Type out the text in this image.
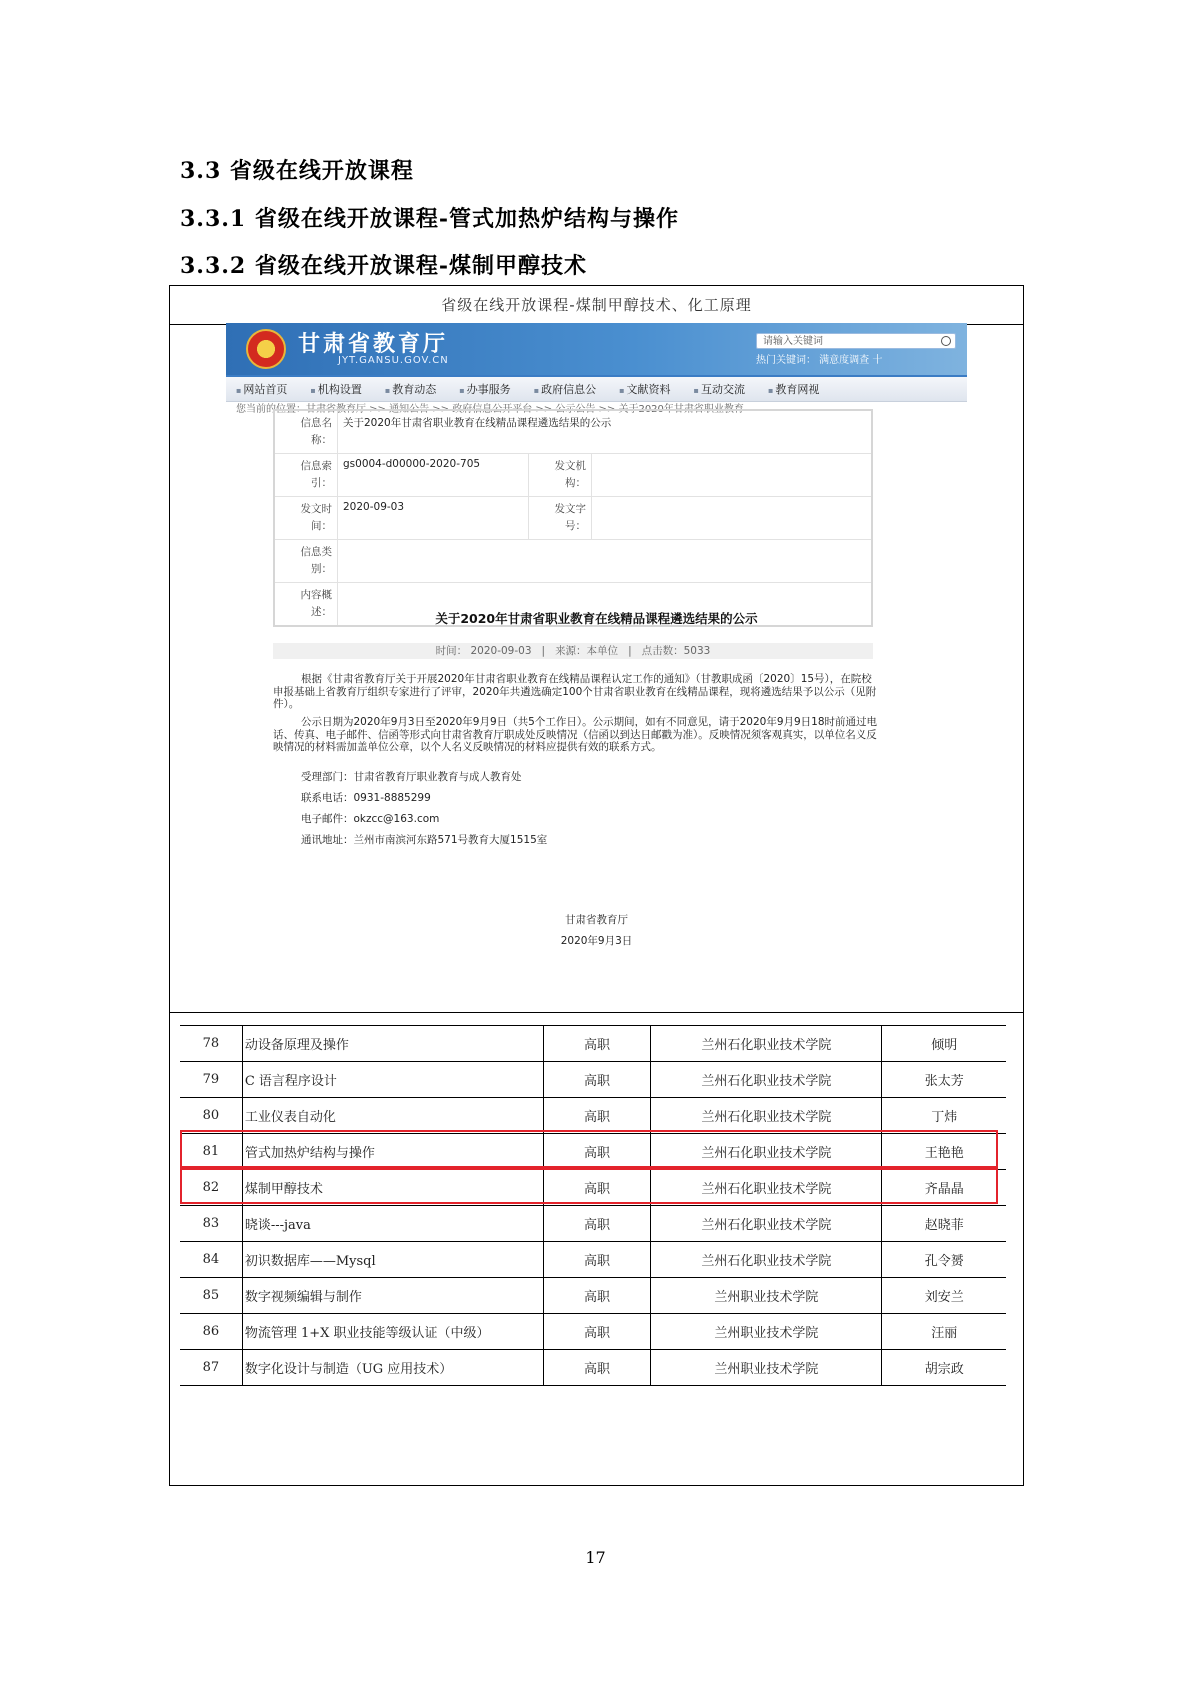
3.3 省级在线开放课程
3.3.1 省级在线开放课程-管式加热炉结构与操作
3.3.2 省级在线开放课程-煤制甲醇技术
省级在线开放课程-煤制甲醇技术、化工原理
甘肃省教育厅
JYT.GANSU.GOV.CN
请输入关键词
热门关键词： 满意度调查 十
▪ 网站首页	▪ 机构设置	▪ 教育动态	▪ 办事服务	▪ 政府信息公	▪ 文献资料	▪ 互动交流	▪ 教育网视
您当前的位置：甘肃省教育厅 >> 通知公告 >> 政府信息公开平台 >> 公示公告 >> 关于2020年甘肃省职业教育
信息名称：	关于2020年甘肃省职业教育在线精品课程遴选结果的公示		
信息索引：	gs0004-d00000-2020-705	发文机构：	
发文时间：	2020-09-03	发文字号：	
信息类别：			
内容概述：				关于2020年甘肃省职业教育在线精品课程遴选结果的公示
时间： 2020-09-03 | 来源：本单位 | 点击数：5033
根据《甘肃省教育厅关于开展2020年甘肃省职业教育在线精品课程认定工作的通知》（甘教职成函〔2020〕15号），在院校申报基础上省教育厅组织专家进行了评审，2020年共遴选确定100个甘肃省职业教育在线精品课程，现将遴选结果予以公示（见附件）。
公示日期为2020年9月3日至2020年9月9日（共5个工作日）。公示期间，如有不同意见，请于2020年9月9日18时前通过电话、传真、电子邮件、信函等形式向甘肃省教育厅职成处反映情况（信函以到达日邮戳为准）。反映情况须客观真实，以单位名义反映情况的材料需加盖单位公章，以个人名义反映情况的材料应提供有效的联系方式。
受理部门：甘肃省教育厅职业教育与成人教育处
联系电话：0931-8885299
电子邮件：okzcc@163.com
通讯地址：兰州市南滨河东路571号教育大厦1515室
甘肃省教育厅
2020年9月3日
78	动设备原理及操作	高职	兰州石化职业技术学院	倾明
79	C 语言程序设计	高职	兰州石化职业技术学院	张太芳
80	工业仪表自动化	高职	兰州石化职业技术学院	丁炜
81	管式加热炉结构与操作	高职	兰州石化职业技术学院	王艳艳
82	煤制甲醇技术	高职	兰州石化职业技术学院	齐晶晶
83	晓谈---java	高职	兰州石化职业技术学院	赵晓菲
84	初识数据库——Mysql	高职	兰州石化职业技术学院	孔令赟
85	数字视频编辑与制作	高职	兰州职业技术学院	刘安兰
86	物流管理 1+X 职业技能等级认证（中级）	高职	兰州职业技术学院	汪丽
87	数字化设计与制造（UG 应用技术）	高职	兰州职业技术学院	胡宗政
17
